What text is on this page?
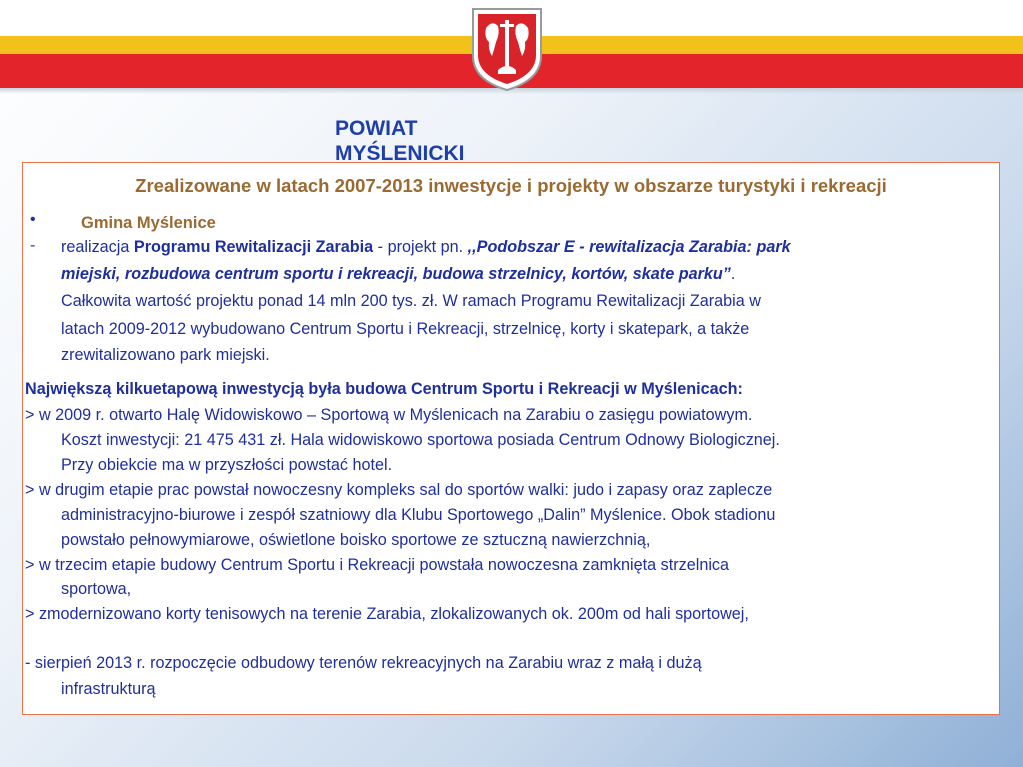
POWIAT MYŚLENICKI
Zrealizowane w latach 2007-2013 inwestycje i projekty w obszarze turystyki i rekreacji
•	Gmina Myślenice
- realizacja Programu Rewitalizacji Zarabia - projekt pn. ,,Podobszar E - rewitalizacja Zarabia: park
miejski, rozbudowa centrum sportu i rekreacji, budowa strzelnicy, kortów, skate parku”.
Całkowita wartość projektu ponad 14 mln 200 tys. zł. W ramach Programu Rewitalizacji Zarabia w
latach 2009-2012 wybudowano Centrum Sportu i Rekreacji, strzelnicę, korty i skatepark, a także
zrewitalizowano park miejski.
Największą kilkuetapową inwestycją była budowa Centrum Sportu i Rekreacji w Myślenicach:
> w 2009 r. otwarto Halę Widowiskowo – Sportową w Myślenicach na Zarabiu o zasięgu powiatowym.
Koszt inwestycji: 21 475 431 zł. Hala widowiskowo sportowa posiada Centrum Odnowy Biologicznej.
Przy obiekcie ma w przyszłości powstać hotel.
> w drugim etapie prac powstał nowoczesny kompleks sal do sportów walki: judo i zapasy oraz zaplecze
administracyjno-biurowe i zespół szatniowy dla Klubu Sportowego „Dalin” Myślenice. Obok stadionu
powstało pełnowymiarowe, oświetlone boisko sportowe ze sztuczną nawierzchnią,
> w trzecim etapie budowy Centrum Sportu i Rekreacji powstała nowoczesna zamknięta strzelnica
sportowa,
> zmodernizowano korty tenisowych na terenie Zarabia, zlokalizowanych ok. 200m od hali sportowej,
- sierpień 2013 r. rozpoczęcie odbudowy terenów rekreacyjnych na Zarabiu wraz z małą i dużą
infrastrukturą
